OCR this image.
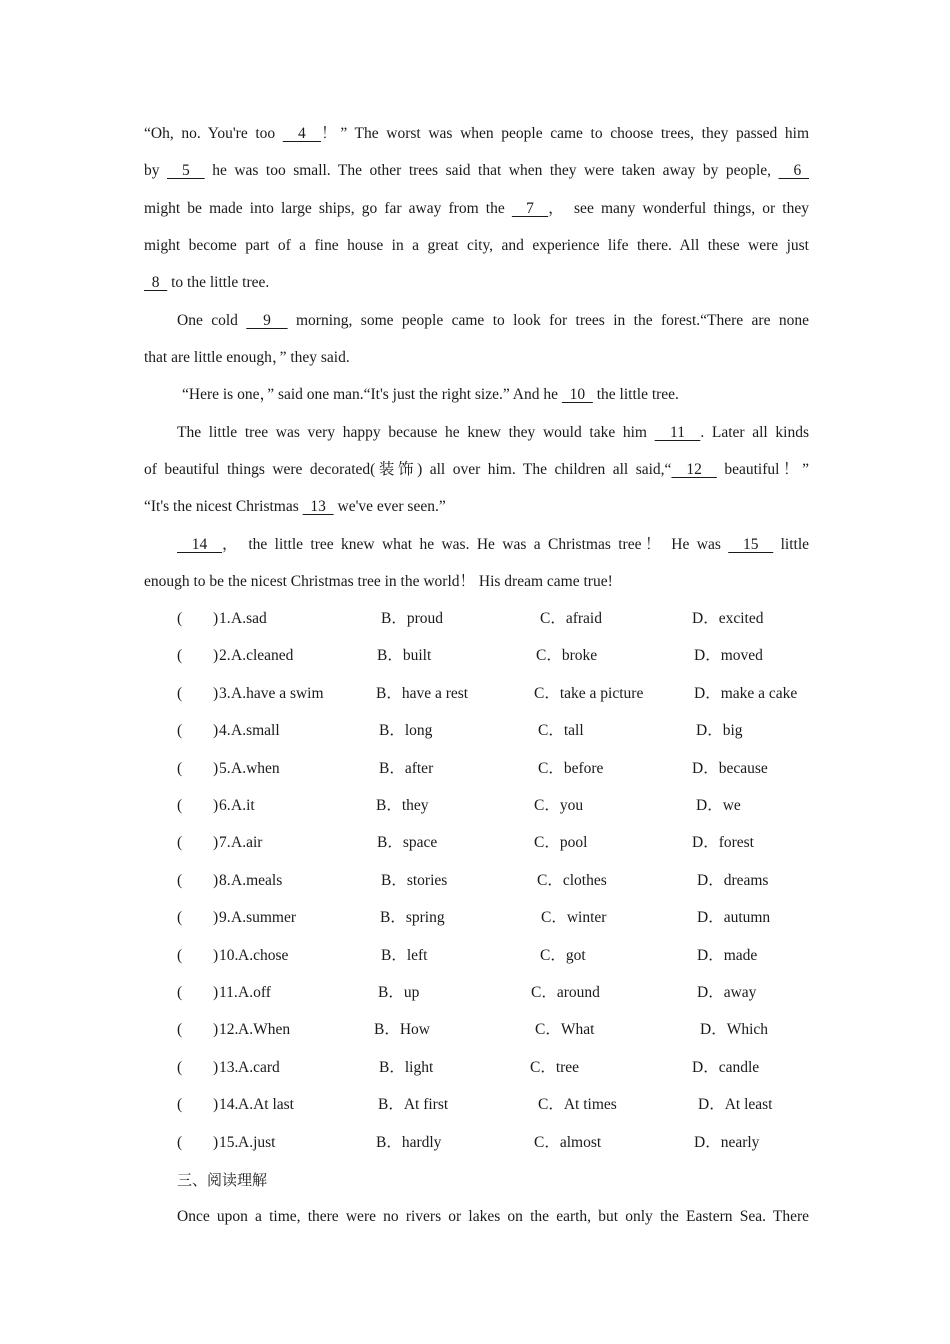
“Oh, no. You're too   4  ！” The worst was when people came to choose trees, they passed him
by   5   he was too small. The other trees said that when they were taken away by people,   6
might be made into large ships, go far away from the   7  ， see many wonderful things, or they
might become part of a fine house in a great city, and experience life there. All these were just
8   to the little tree.
One cold   9   morning, some people came to look for trees in the forest.“There are none
that are little enough，” they said.
“Here is one，” said one man.“It's just the right size.” And he   10   the little tree.
The little tree was very happy because he knew they would take him   11  . Later all kinds
of beautiful things were decorated(装饰) all over him. The children all said,“  12   beautiful！”
“It's the nicest Christmas   13   we've ever seen.”
14  ， the little tree knew what he was. He was a Christmas tree！ He was   15   little
enough to be the nicest Christmas tree in the world！ His dream came true!
( ) 1. A.sad	B．proud	C．afraid	D．excited
( ) 2. A.cleaned	B．built	C．broke	D．moved
( ) 3. A.have a swim	B．have a rest	C．take a picture	D．make a cake
( ) 4. A.small	B．long	C．tall	D．big
( ) 5. A.when	B．after	C．before	D．because
( ) 6. A.it	B．they	C．you	D．we
( ) 7. A.air	B．space	C．pool	D．forest
( ) 8. A.meals	B．stories	C．clothes	D．dreams
( ) 9. A.summer	B．spring	C．winter	D．autumn
( ) 10. A.chose	B．left	C．got	D．made
( ) 11. A.off	B．up	C．around	D．away
( ) 12. A.When	B．How	C．What	D．Which
( ) 13. A.card	B．light	C．tree	D．candle
( ) 14. A.At last	B．At first	C．At times	D．At least
( ) 15. A.just	B．hardly	C．almost	D．nearly
三、阅读理解
Once upon a time, there were no rivers or lakes on the earth, but only the Eastern Sea. There
